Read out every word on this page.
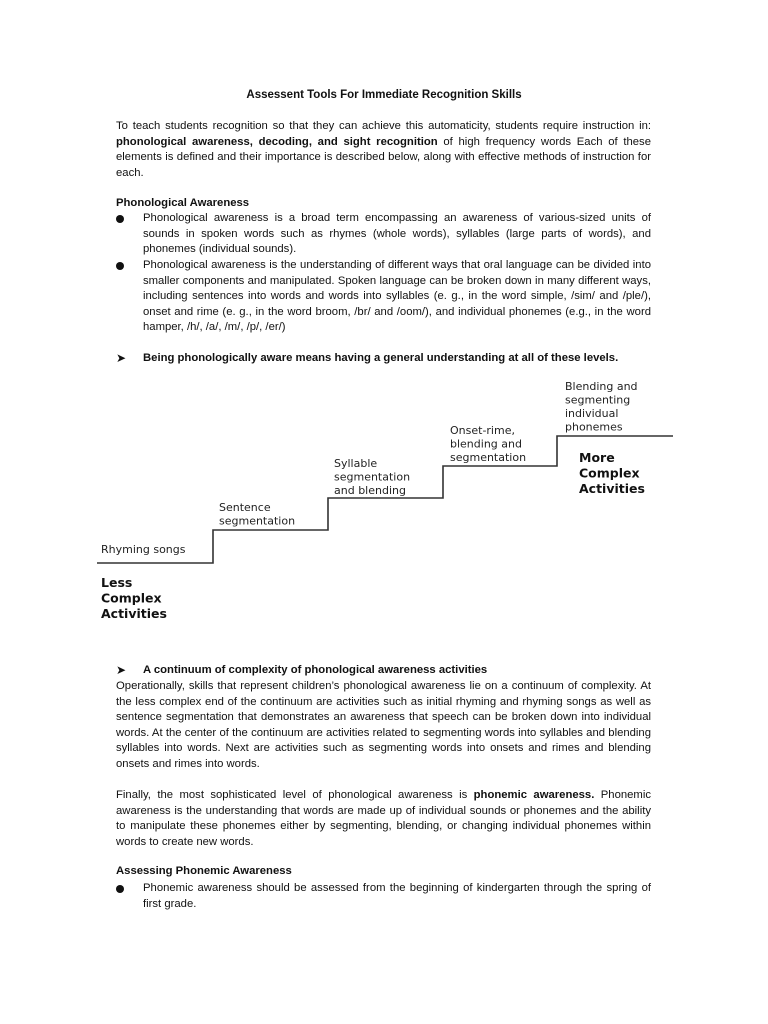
Assessent Tools For Immediate Recognition Skills

To teach students recognition so that they can achieve this automaticity, students require instruction in: phonological awareness, decoding, and sight recognition of high frequency words Each of these elements is defined and their importance is described below, along with effective methods of instruction for each.

Phonological Awareness

Phonological awareness is a broad term encompassing an awareness of various-sized units of sounds in spoken words such as rhymes (whole words), syllables (large parts of words), and phonemes (individual sounds).

Phonological awareness is the understanding of different ways that oral language can be divided into smaller components and manipulated. Spoken language can be broken down in many different ways, including sentences into words and words into syllables (e. g., in the word simple, /sim/ and /ple/), onset and rime (e. g., in the word broom, /br/ and /oom/), and individual phonemes (e.g., in the word hamper, /h/, /a/, /m/, /p/, /er/)

➤ Being phonologically aware means having a general understanding at all of these levels.
Rhyming songs
Sentence segmentation
Syllable segmentation and blending
Onset-rime, blending and segmentation
Blending and segmenting individual phonemes
Less Complex Activities
More Complex Activities
➤ A continuum of complexity of phonological awareness activities

Operationally, skills that represent children’s phonological awareness lie on a continuum of complexity. At the less complex end of the continuum are activities such as initial rhyming and rhyming songs as well as sentence segmentation that demonstrates an awareness that speech can be broken down into individual words. At the center of the continuum are activities related to segmenting words into syllables and blending syllables into words. Next are activities such as segmenting words into onsets and rimes and blending onsets and rimes into words.

Finally, the most sophisticated level of phonological awareness is phonemic awareness. Phonemic awareness is the understanding that words are made up of individual sounds or phonemes and the ability to manipulate these phonemes either by segmenting, blending, or changing individual phonemes within words to create new words.

Assessing Phonemic Awareness

Phonemic awareness should be assessed from the beginning of kindergarten through the spring of first grade.
